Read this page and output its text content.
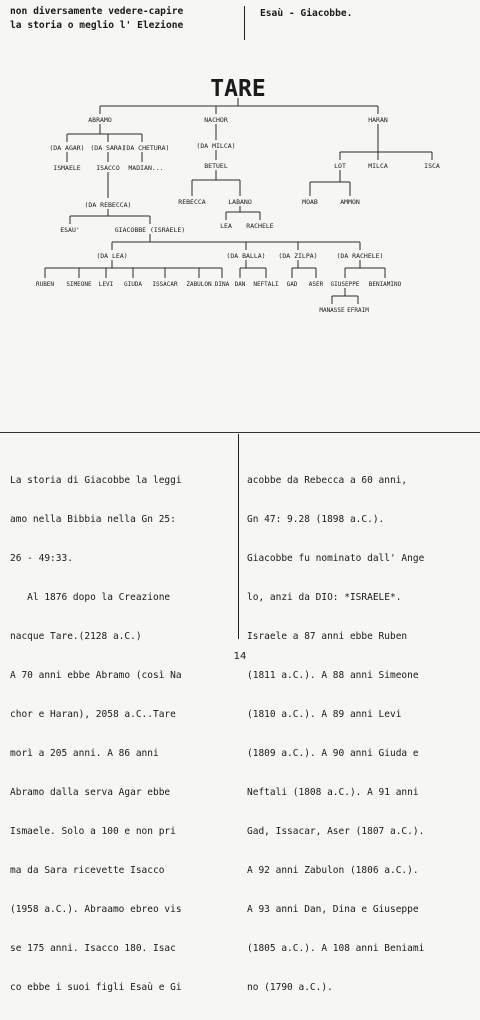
non diversamente vedere-capire
la storia o meglio l' Elezione
Esaù - Giacobbe.
TARE
ABRAMO	NACHOR	HARAN
(DA AGAR) (DA SARA)
(DA CHETURA)
ISMAELE ISACCO MADIAN...
(DA MILCA)
BETUEL
REBECCA	LABANO
LEA RACHELE
LOT	MILCA	ISCA
MOAB	AMMON
(DA REBECCA)
ESAU'	GIACOBBE (ISRAELE)
(DA LEA)	(DA BALLA) (DA ZILPA)	(DA RACHELE)
RUBEN SIMEONE LEVI GIUDA ISSACAR ZABULON DINA DAN NEFTALI GAD ASER GIUSEPPE BENIAMINO
MANASSE EFRAIM

La storia di Giacobbe la leggi

amo nella Bibbia nella Gn 25:

26 - 49:33.

Al 1876 dopo la Creazione

nacque Tare.(2128 a.C.)

A 70 anni ebbe Abramo (così Na

chor e Haran), 2058 a.C..Tare

morì a 205 anni. A 86 anni

Abramo dalla serva Agar ebbe

Ismaele. Solo a 100 e non pri

ma da Sara ricevette Isacco

(1958 a.C.). Abraamo ebreo vis

se 175 anni. Isacco 180. Isac

co ebbe i suoi figli Esaù e Gi

acobbe da Rebecca a 60 anni,

Gn 47: 9.28 (1898 a.C.).

Giacobbe fu nominato dall' Ange

lo, anzi da DIO: *ISRAELE*.

Israele a 87 anni ebbe Ruben

(1811 a.C.). A 88 anni Simeone

(1810 a.C.). A 89 anni Levi

(1809 a.C.). A 90 anni Giuda e

Neftali (1808 a.C.). A 91 anni

Gad, Issacar, Aser (1807 a.C.).

A 92 anni Zabulon (1806 a.C.).

A 93 anni Dan, Dina e Giuseppe

(1805 a.C.). A 108 anni Beniami

no (1790 a.C.).

14
